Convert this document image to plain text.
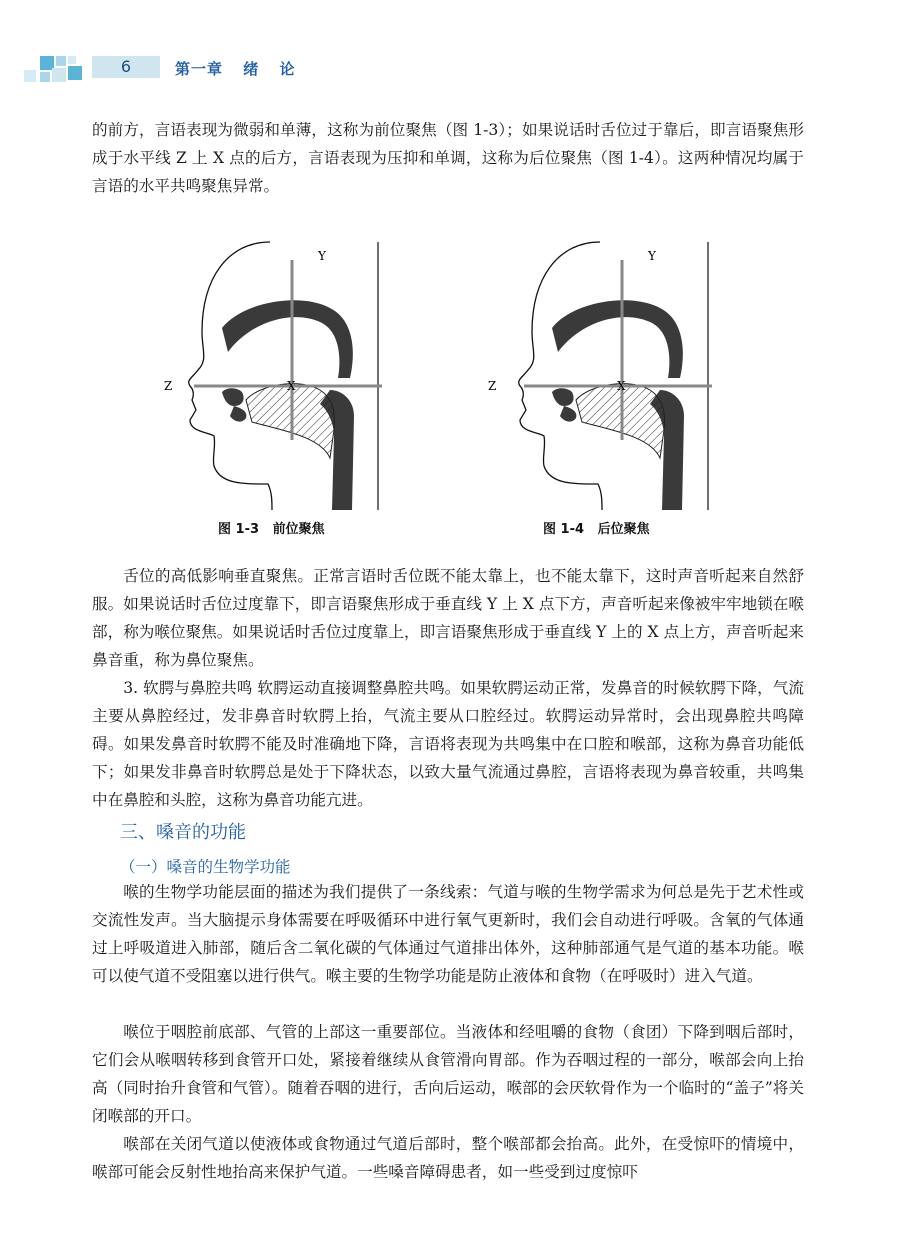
6	第一章 绪 论

的前方，言语表现为微弱和单薄，这称为前位聚焦（图 1-3）；如果说话时舌位过于靠后，即言语聚焦形成于水平线 Z 上 X 点的后方，言语表现为压抑和单调，这称为后位聚焦（图 1-4）。这两种情况均属于言语的水平共鸣聚焦异常。

Y
Z	X
图 1-3   前位聚焦
Y
Z	X
图 1-4   后位聚焦

舌位的高低影响垂直聚焦。正常言语时舌位既不能太靠上，也不能太靠下，这时声音听起来自然舒服。如果说话时舌位过度靠下，即言语聚焦形成于垂直线 Y 上 X 点下方，声音听起来像被牢牢地锁在喉部，称为喉位聚焦。如果说话时舌位过度靠上，即言语聚焦形成于垂直线 Y 上的 X 点上方，声音听起来鼻音重，称为鼻位聚焦。

3. 软腭与鼻腔共鸣 软腭运动直接调整鼻腔共鸣。如果软腭运动正常，发鼻音的时候软腭下降，气流主要从鼻腔经过，发非鼻音时软腭上抬，气流主要从口腔经过。软腭运动异常时，会出现鼻腔共鸣障碍。如果发鼻音时软腭不能及时准确地下降，言语将表现为共鸣集中在口腔和喉部，这称为鼻音功能低下；如果发非鼻音时软腭总是处于下降状态，以致大量气流通过鼻腔，言语将表现为鼻音较重，共鸣集中在鼻腔和头腔，这称为鼻音功能亢进。

三、嗓音的功能
（一）嗓音的生物学功能

喉的生物学功能层面的描述为我们提供了一条线索：气道与喉的生物学需求为何总是先于艺术性或交流性发声。当大脑提示身体需要在呼吸循环中进行氧气更新时，我们会自动进行呼吸。含氧的气体通过上呼吸道进入肺部，随后含二氧化碳的气体通过气道排出体外，这种肺部通气是气道的基本功能。喉可以使气道不受阻塞以进行供气。喉主要的生物学功能是防止液体和食物（在呼吸时）进入气道。

喉位于咽腔前底部、气管的上部这一重要部位。当液体和经咀嚼的食物（食团）下降到咽后部时，它们会从喉咽转移到食管开口处，紧接着继续从食管滑向胃部。作为吞咽过程的一部分，喉部会向上抬高（同时抬升食管和气管）。随着吞咽的进行，舌向后运动，喉部的会厌软骨作为一个临时的“盖子”将关闭喉部的开口。

喉部在关闭气道以使液体或食物通过气道后部时，整个喉部都会抬高。此外，在受惊吓的情境中，喉部可能会反射性地抬高来保护气道。一些嗓音障碍患者，如一些受到过度惊吓
